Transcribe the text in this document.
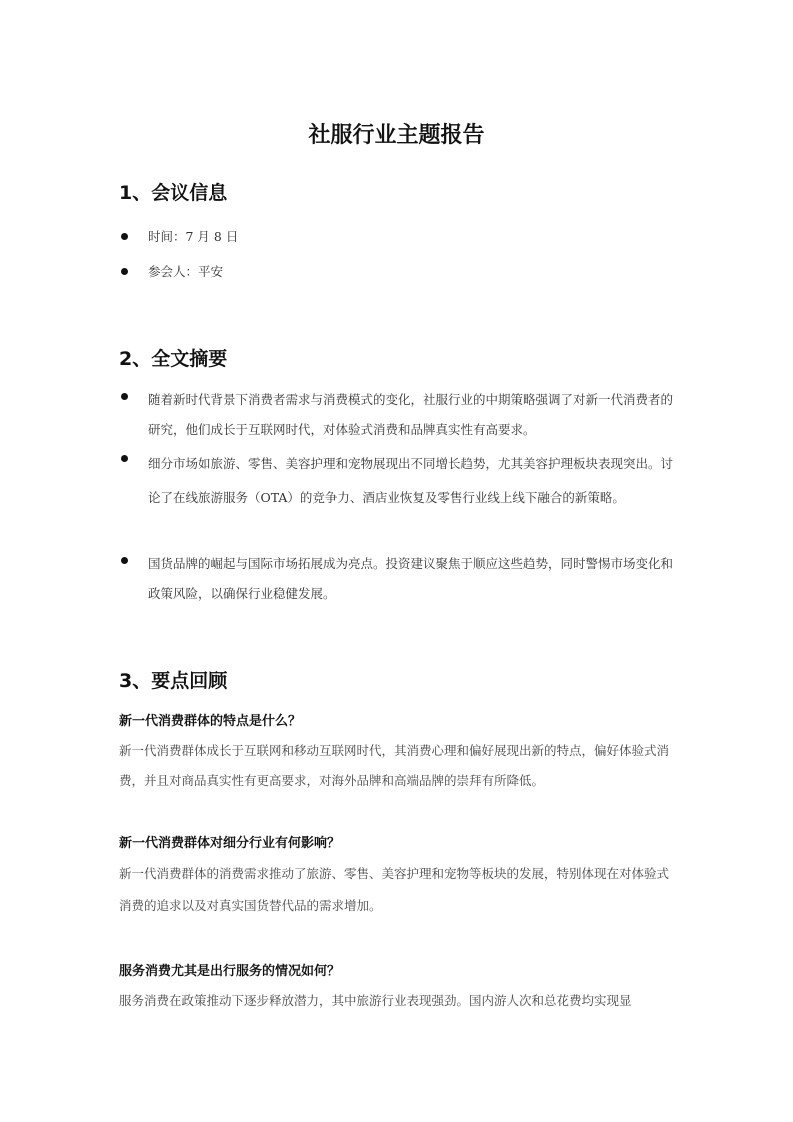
社服行业主题报告
1、会议信息
时间：7 月 8 日
参会人：平安
2、全文摘要
随着新时代背景下消费者需求与消费模式的变化，社服行业的中期策略强调了对新一代消费者的研究，他们成长于互联网时代，对体验式消费和品牌真实性有高要求。
细分市场如旅游、零售、美容护理和宠物展现出不同增长趋势，尤其美容护理板块表现突出。讨论了在线旅游服务（OTA）的竞争力、酒店业恢复及零售行业线上线下融合的新策略。
国货品牌的崛起与国际市场拓展成为亮点。投资建议聚焦于顺应这些趋势，同时警惕市场变化和政策风险，以确保行业稳健发展。
3、要点回顾
新一代消费群体的特点是什么？
新一代消费群体成长于互联网和移动互联网时代，其消费心理和偏好展现出新的特点，偏好体验式消费，并且对商品真实性有更高要求，对海外品牌和高端品牌的崇拜有所降低。
新一代消费群体对细分行业有何影响？
新一代消费群体的消费需求推动了旅游、零售、美容护理和宠物等板块的发展，特别体现在对体验式消费的追求以及对真实国货替代品的需求增加。
服务消费尤其是出行服务的情况如何？
服务消费在政策推动下逐步释放潜力，其中旅游行业表现强劲。国内游人次和总花费均实现显
